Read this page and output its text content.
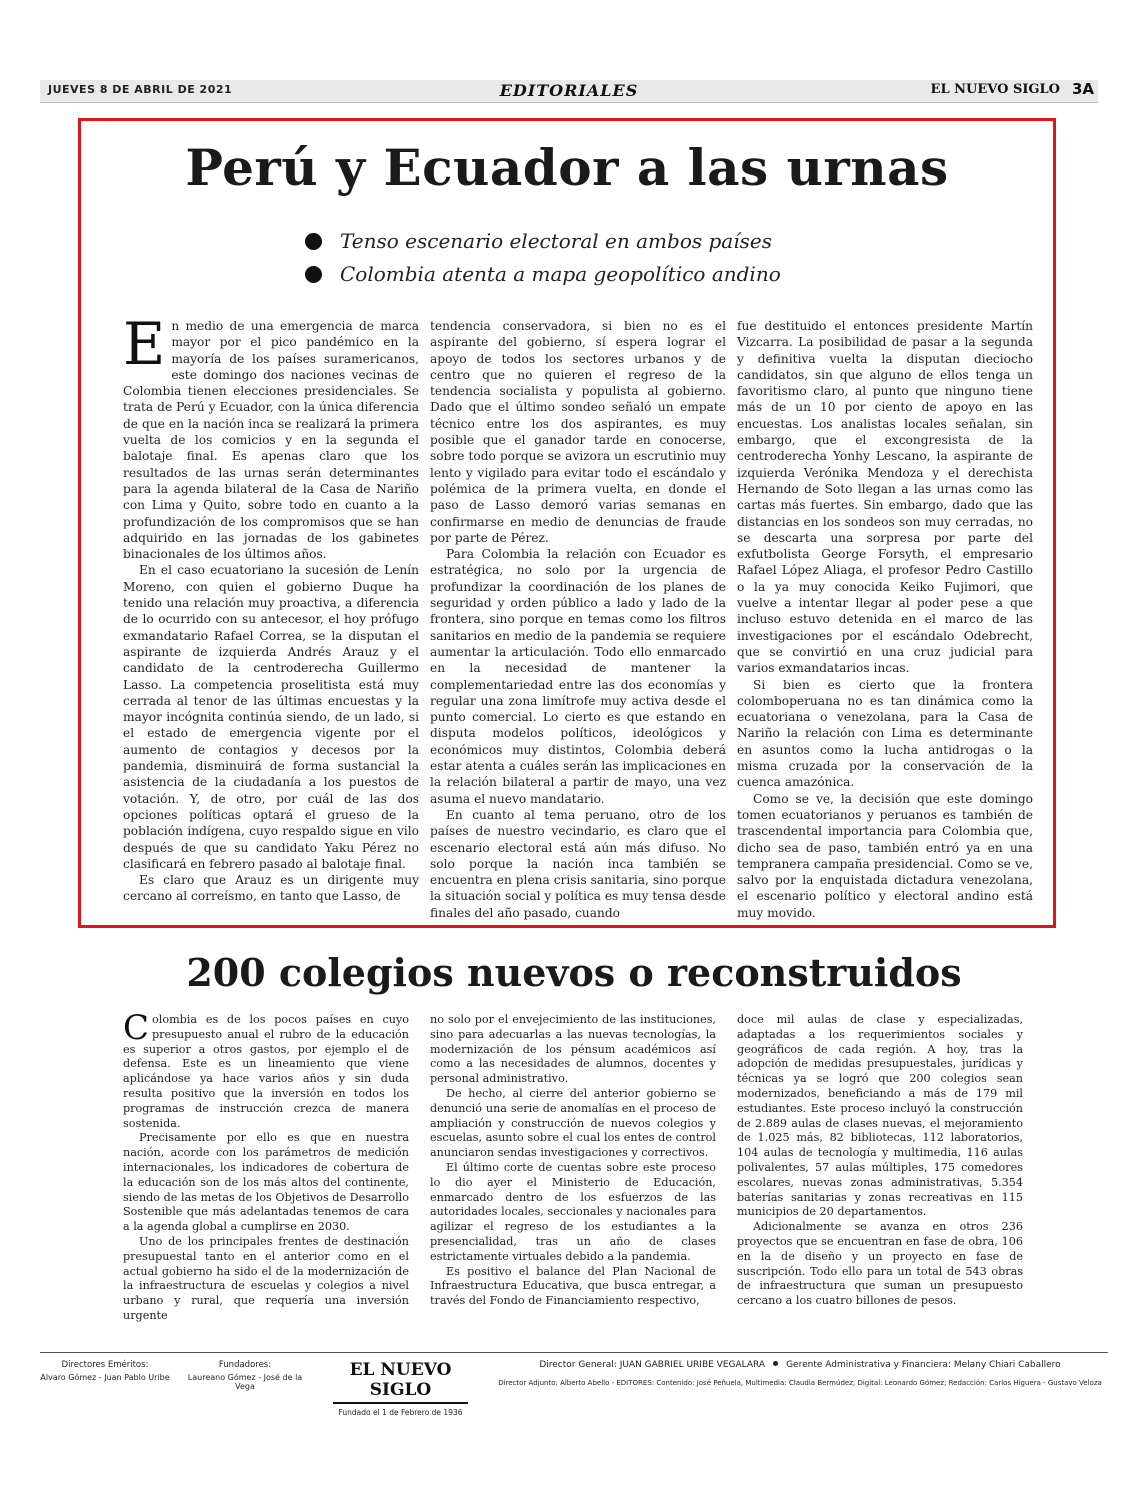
JUEVES 8 DE ABRIL DE 2021	EDITORIALES	EL NUEVO SIGLO 3A
Perú y Ecuador a las urnas
Tenso escenario electoral en ambos países
Colombia atenta a mapa geopolítico andino

En medio de una emergencia de marca mayor por el pico pandémico en la mayoría de los países suramericanos, este domingo dos naciones vecinas de Colombia tienen elecciones presidenciales. Se trata de Perú y Ecuador, con la única diferencia de que en la nación inca se realizará la primera vuelta de los comicios y en la segunda el balotaje final. Es apenas claro que los resultados de las urnas serán determinantes para la agenda bilateral de la Casa de Nariño con Lima y Quito, sobre todo en cuanto a la profundización de los compromisos que se han adquirido en las jornadas de los gabinetes binacionales de los últimos años.

En el caso ecuatoriano la sucesión de Lenín Moreno, con quien el gobierno Duque ha tenido una relación muy proactiva, a diferencia de lo ocurrido con su antecesor, el hoy prófugo exmandatario Rafael Correa, se la disputan el aspirante de izquierda Andrés Arauz y el candidato de la centroderecha Guillermo Lasso. La competencia proselitista está muy cerrada al tenor de las últimas encuestas y la mayor incógnita continúa siendo, de un lado, si el estado de emergencia vigente por el aumento de contagios y decesos por la pandemia, disminuirá de forma sustancial la asistencia de la ciudadanía a los puestos de votación. Y, de otro, por cuál de las dos opciones políticas optará el grueso de la población indígena, cuyo respaldo sigue en vilo después de que su candidato Yaku Pérez no clasificará en febrero pasado al balotaje final.

Es claro que Arauz es un dirigente muy cercano al correísmo, en tanto que Lasso, de

tendencia conservadora, si bien no es el aspirante del gobierno, sí espera lograr el apoyo de todos los sectores urbanos y de centro que no quieren el regreso de la tendencia socialista y populista al gobierno. Dado que el último sondeo señaló un empate técnico entre los dos aspirantes, es muy posible que el ganador tarde en conocerse, sobre todo porque se avizora un escrutinio muy lento y vigilado para evitar todo el escándalo y polémica de la primera vuelta, en donde el paso de Lasso demoró varias semanas en confirmarse en medio de denuncias de fraude por parte de Pérez.

Para Colombia la relación con Ecuador es estratégica, no solo por la urgencia de profundizar la coordinación de los planes de seguridad y orden público a lado y lado de la frontera, sino porque en temas como los filtros sanitarios en medio de la pandemia se requiere aumentar la articulación. Todo ello enmarcado en la necesidad de mantener la complementariedad entre las dos economías y regular una zona limítrofe muy activa desde el punto comercial. Lo cierto es que estando en disputa modelos políticos, ideológicos y económicos muy distintos, Colombia deberá estar atenta a cuáles serán las implicaciones en la relación bilateral a partir de mayo, una vez asuma el nuevo mandatario.

En cuanto al tema peruano, otro de los países de nuestro vecindario, es claro que el escenario electoral está aún más difuso. No solo porque la nación inca también se encuentra en plena crisis sanitaria, sino porque la situación social y política es muy tensa desde finales del año pasado, cuando

fue destituido el entonces presidente Martín Vizcarra. La posibilidad de pasar a la segunda y definitiva vuelta la disputan dieciocho candidatos, sin que alguno de ellos tenga un favoritismo claro, al punto que ninguno tiene más de un 10 por ciento de apoyo en las encuestas. Los analistas locales señalan, sin embargo, que el excongresista de la centroderecha Yonhy Lescano, la aspirante de izquierda Verónika Mendoza y el derechista Hernando de Soto llegan a las urnas como las cartas más fuertes. Sin embargo, dado que las distancias en los sondeos son muy cerradas, no se descarta una sorpresa por parte del exfutbolista George Forsyth, el empresario Rafael López Aliaga, el profesor Pedro Castillo o la ya muy conocida Keiko Fujimori, que vuelve a intentar llegar al poder pese a que incluso estuvo detenida en el marco de las investigaciones por el escándalo Odebrecht, que se convirtió en una cruz judicial para varios exmandatarios incas.

Si bien es cierto que la frontera colomboperuana no es tan dinámica como la ecuatoriana o venezolana, para la Casa de Nariño la relación con Lima es determinante en asuntos como la lucha antidrogas o la misma cruzada por la conservación de la cuenca amazónica.

Como se ve, la decisión que este domingo tomen ecuatorianos y peruanos es también de trascendental importancia para Colombia que, dicho sea de paso, también entró ya en una tempranera campaña presidencial. Como se ve, salvo por la enquistada dictadura venezolana, el escenario político y electoral andino está muy movido.

200 colegios nuevos o reconstruidos

Colombia es de los pocos países en cuyo presupuesto anual el rubro de la educación es superior a otros gastos, por ejemplo el de defensa. Este es un lineamiento que viene aplicándose ya hace varios años y sin duda resulta positivo que la inversión en todos los programas de instrucción crezca de manera sostenida.

Precisamente por ello es que en nuestra nación, acorde con los parámetros de medición internacionales, los indicadores de cobertura de la educación son de los más altos del continente, siendo de las metas de los Objetivos de Desarrollo Sostenible que más adelantadas tenemos de cara a la agenda global a cumplirse en 2030.

Uno de los principales frentes de destinación presupuestal tanto en el anterior como en el actual gobierno ha sido el de la modernización de la infraestructura de escuelas y colegios a nivel urbano y rural, que requería una inversión urgente

no solo por el envejecimiento de las instituciones, sino para adecuarlas a las nuevas tecnologías, la modernización de los pénsum académicos así como a las necesidades de alumnos, docentes y personal administrativo.

De hecho, al cierre del anterior gobierno se denunció una serie de anomalías en el proceso de ampliación y construcción de nuevos colegios y escuelas, asunto sobre el cual los entes de control anunciaron sendas investigaciones y correctivos.

El último corte de cuentas sobre este proceso lo dio ayer el Ministerio de Educación, enmarcado dentro de los esfuerzos de las autoridades locales, seccionales y nacionales para agilizar el regreso de los estudiantes a la presencialidad, tras un año de clases estrictamente virtuales debido a la pandemia.

Es positivo el balance del Plan Nacional de Infraestructura Educativa, que busca entregar, a través del Fondo de Financiamiento respectivo,

doce mil aulas de clase y especializadas, adaptadas a los requerimientos sociales y geográficos de cada región. A hoy, tras la adopción de medidas presupuestales, jurídicas y técnicas ya se logró que 200 colegios sean modernizados, beneficiando a más de 179 mil estudiantes. Este proceso incluyó la construcción de 2.889 aulas de clases nuevas, el mejoramiento de 1.025 más, 82 bibliotecas, 112 laboratorios, 104 aulas de tecnología y multimedia, 116 aulas polivalentes, 57 aulas múltiples, 175 comedores escolares, nuevas zonas administrativas, 5.354 baterías sanitarias y zonas recreativas en 115 municipios de 20 departamentos.

Adicionalmente se avanza en otros 236 proyectos que se encuentran en fase de obra, 106 en la de diseño y un proyecto en fase de suscripción. Todo ello para un total de 543 obras de infraestructura que suman un presupuesto cercano a los cuatro billones de pesos.

Directores Eméritos:
Alvaro Gómez - Juan Pablo Uribe
Fundadores:
Laureano Gómez - José de la Vega
EL NUEVO SIGLO
Fundado el 1 de Febrero de 1936
Director General: JUAN GABRIEL URIBE VEGALARA Gerente Administrativa y Financiera: Melany Chiari Caballero
Director Adjunto: Alberto Abello - EDITORES: Contenido: José Peñuela, Multimedia: Claudia Bermúdez; Digital: Leonardo Gómez; Redacción: Carlos Higuera - Gustavo Veloza
